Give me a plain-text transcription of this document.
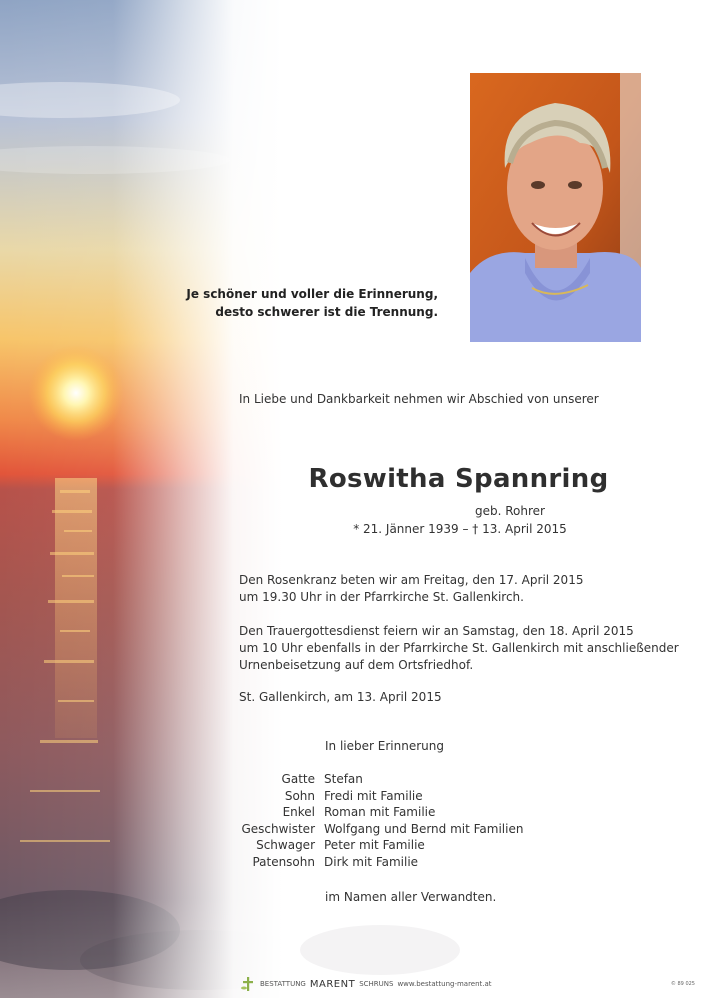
Je schöner und voller die Erinnerung,
desto schwerer ist die Trennung.
In Liebe und Dankbarkeit nehmen wir Abschied von unserer
Roswitha Spannring
geb. Rohrer
* 21. Jänner 1939 – † 13. April 2015
Den Rosenkranz beten wir am Freitag, den 17. April 2015
um 19.30 Uhr in der Pfarrkirche St. Gallenkirch.
Den Trauergottesdienst feiern wir an Samstag, den 18. April 2015
um 10 Uhr ebenfalls in der Pfarrkirche St. Gallenkirch mit anschließender
Urnenbeisetzung auf dem Ortsfriedhof.
St. Gallenkirch, am 13. April 2015
In lieber Erinnerung
Gatte Stefan
Sohn Fredi mit Familie
Enkel Roman mit Familie
Geschwister Wolfgang und Bernd mit Familien
Schwager Peter mit Familie
Patensohn Dirk mit Familie
im Namen aller Verwandten.
BESTATTUNG MARENT SCHRUNS www.bestattung-marent.at	© 89 025
